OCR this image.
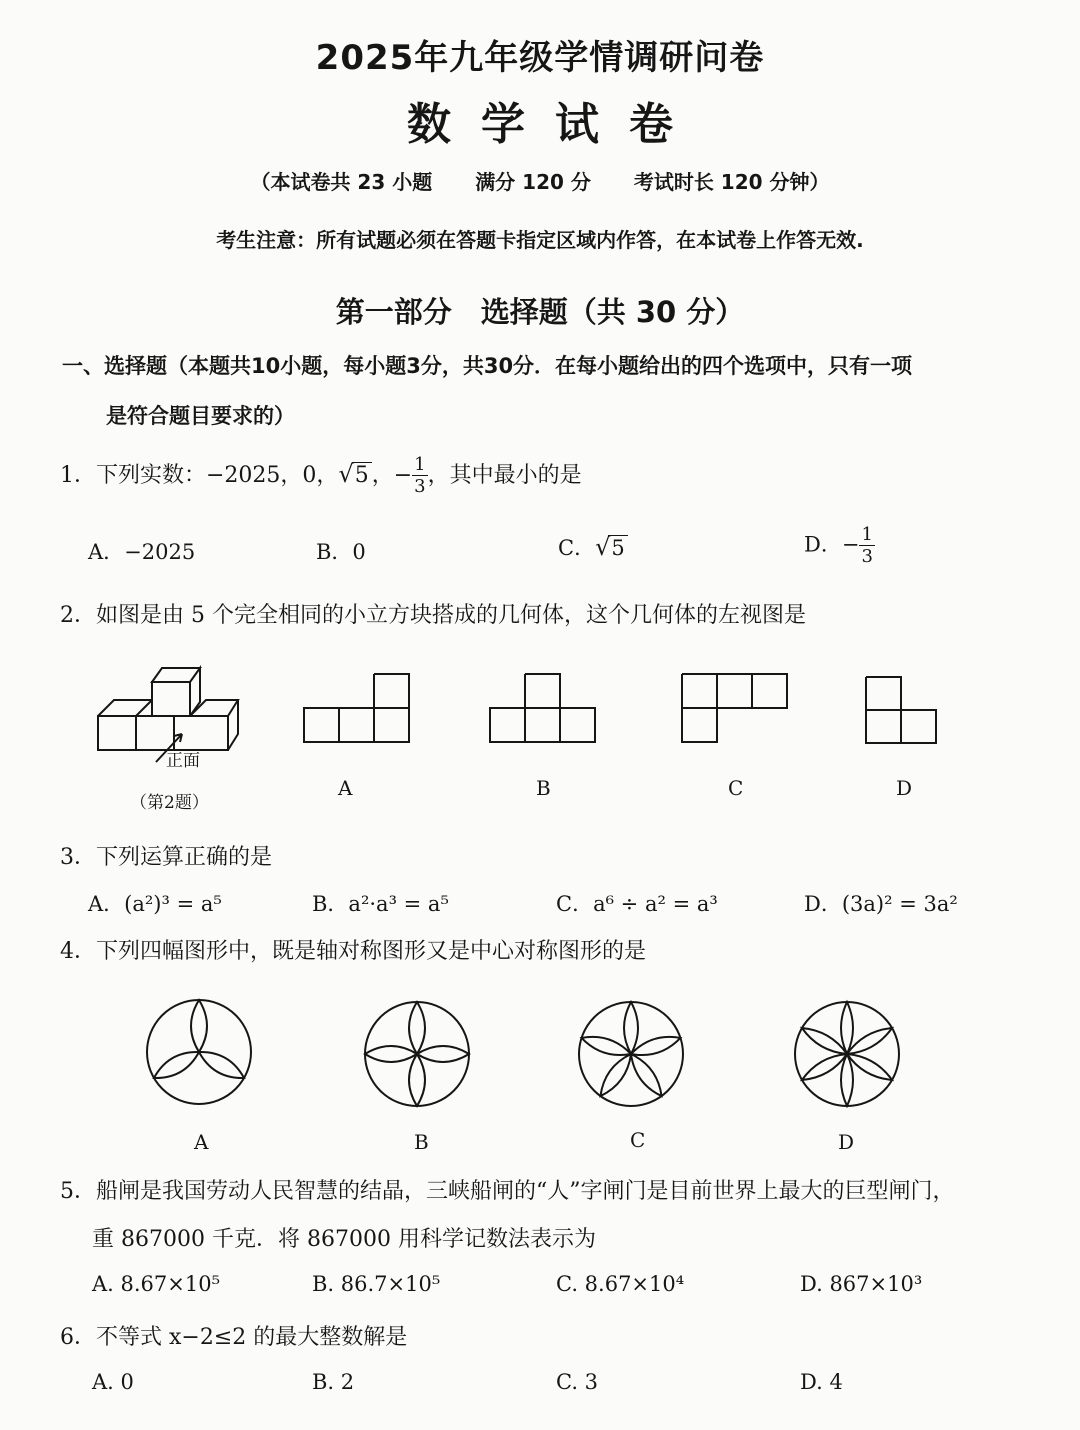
2025年九年级学情调研问卷
数学试卷
（本试卷共 23 小题 满分 120 分 考试时长 120 分钟）
考生注意：所有试题必须在答题卡指定区域内作答，在本试卷上作答无效.
第一部分　选择题（共 30 分）
一、选择题（本题共10小题，每小题3分，共30分．在每小题给出的四个选项中，只有一项
是符合题目要求的）
1．下列实数：−2025，0，√5 ，− $\frac{1}{3}$ ，其中最小的是
A．−2025	B．0	C．√5	D．− $\frac{1}{3}$
2．如图是由 5 个完全相同的小立方块搭成的几何体，这个几何体的左视图是
正面
（第2题）
A	B	C	D
3．下列运算正确的是
A．(a²)³ = a⁵	B．a²·a³ = a⁵	C．a⁶ ÷ a² = a³	D．(3a)² = 3a²
4．下列四幅图形中，既是轴对称图形又是中心对称图形的是
A	B	C	D
5．船闸是我国劳动人民智慧的结晶，三峡船闸的“人”字闸门是目前世界上最大的巨型闸门，
重 867000 千克．将 867000 用科学记数法表示为
A. 8.67×10⁵	B. 86.7×10⁵	C. 8.67×10⁴	D. 867×10³
6．不等式 x−2≤2 的最大整数解是
A. 0	B. 2	C. 3	D. 4
